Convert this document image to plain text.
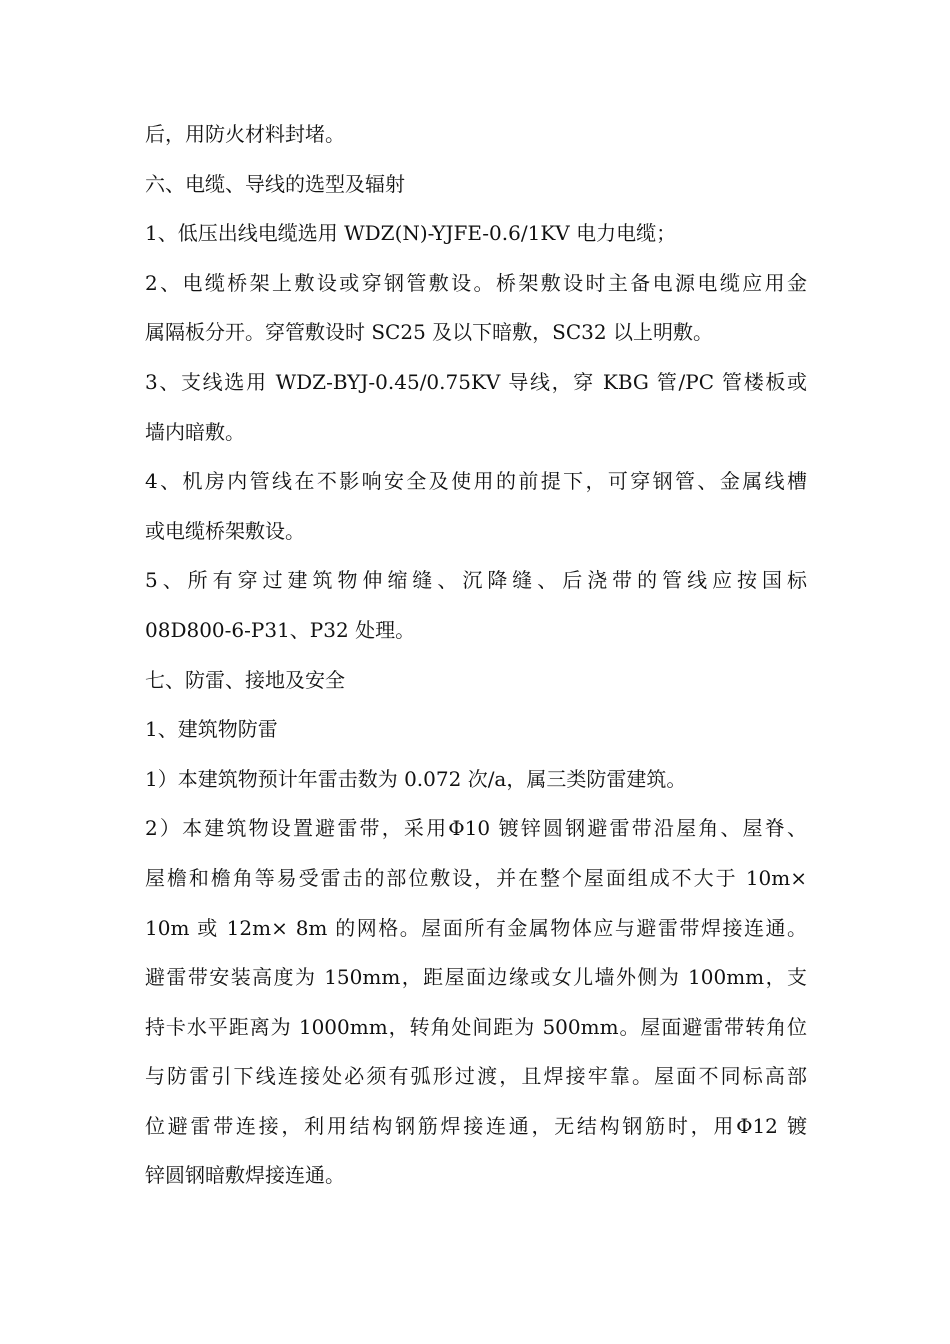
后，用防火材料封堵。
六、电缆、导线的选型及辐射
1、低压出线电缆选用 WDZ(N)-YJFE-0.6/1KV 电力电缆；
2、电缆桥架上敷设或穿钢管敷设。桥架敷设时主备电源电缆应用金
属隔板分开。穿管敷设时 SC25 及以下暗敷，SC32 以上明敷。
3、支线选用 WDZ-BYJ-0.45/0.75KV 导线，穿 KBG 管/PC 管楼板或
墙内暗敷。
4、机房内管线在不影响安全及使用的前提下，可穿钢管、金属线槽
或电缆桥架敷设。
5、所有穿过建筑物伸缩缝、沉降缝、后浇带的管线应按国标
08D800-6-P31、P32 处理。
七、防雷、接地及安全
1、建筑物防雷
1）本建筑物预计年雷击数为 0.072 次/a，属三类防雷建筑。
2）本建筑物设置避雷带，采用Φ10 镀锌圆钢避雷带沿屋角、屋脊、
屋檐和檐角等易受雷击的部位敷设，并在整个屋面组成不大于 10m×
10m 或 12m× 8m 的网格。屋面所有金属物体应与避雷带焊接连通。
避雷带安装高度为 150mm，距屋面边缘或女儿墙外侧为 100mm，支
持卡水平距离为 1000mm，转角处间距为 500mm。屋面避雷带转角位
与防雷引下线连接处必须有弧形过渡，且焊接牢靠。屋面不同标高部
位避雷带连接，利用结构钢筋焊接连通，无结构钢筋时，用Φ12 镀
锌圆钢暗敷焊接连通。
